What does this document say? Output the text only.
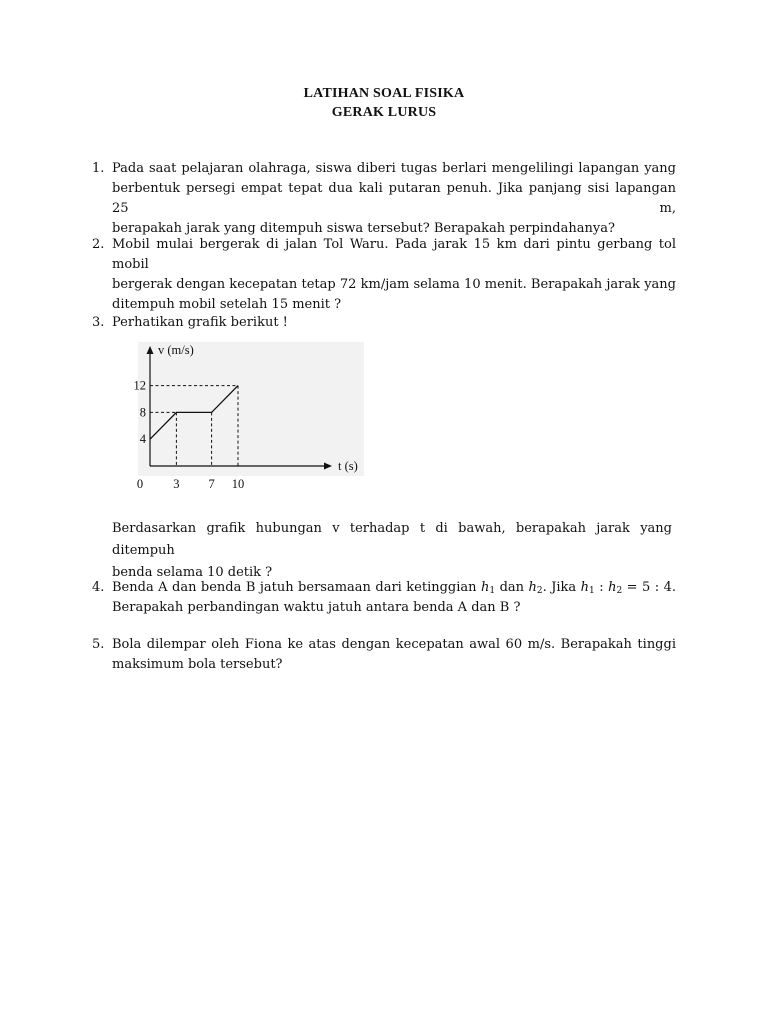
LATIHAN SOAL FISIKA
GERAK LURUS
1. Pada saat pelajaran olahraga, siswa diberi tugas berlari mengelilingi lapangan yang
berbentuk persegi empat tepat dua kali putaran penuh. Jika panjang sisi lapangan 25 m,
berapakah jarak yang ditempuh siswa tersebut? Berapakah perpindahanya?
2. Mobil mulai bergerak di jalan Tol Waru. Pada jarak 15 km dari pintu gerbang tol mobil
bergerak dengan kecepatan tetap 72 km/jam selama 10 menit. Berapakah jarak yang
ditempuh mobil setelah 15 menit ?
3. Perhatikan grafik berikut !
v (m/s)
t (s)
4
8
12
0 3 7 10
Berdasarkan grafik hubungan v terhadap t di bawah, berapakah jarak yang ditempuh
benda selama 10 detik ?
4. Benda A dan benda B jatuh bersamaan dari ketinggian $h_1$ dan $h_2$. Jika $h_1$ : $h_2 = 5$ : 4.
Berapakah perbandingan waktu jatuh antara benda A dan B ?
5. Bola dilempar oleh Fiona ke atas dengan kecepatan awal 60 m/s. Berapakah tinggi
maksimum bola tersebut?
